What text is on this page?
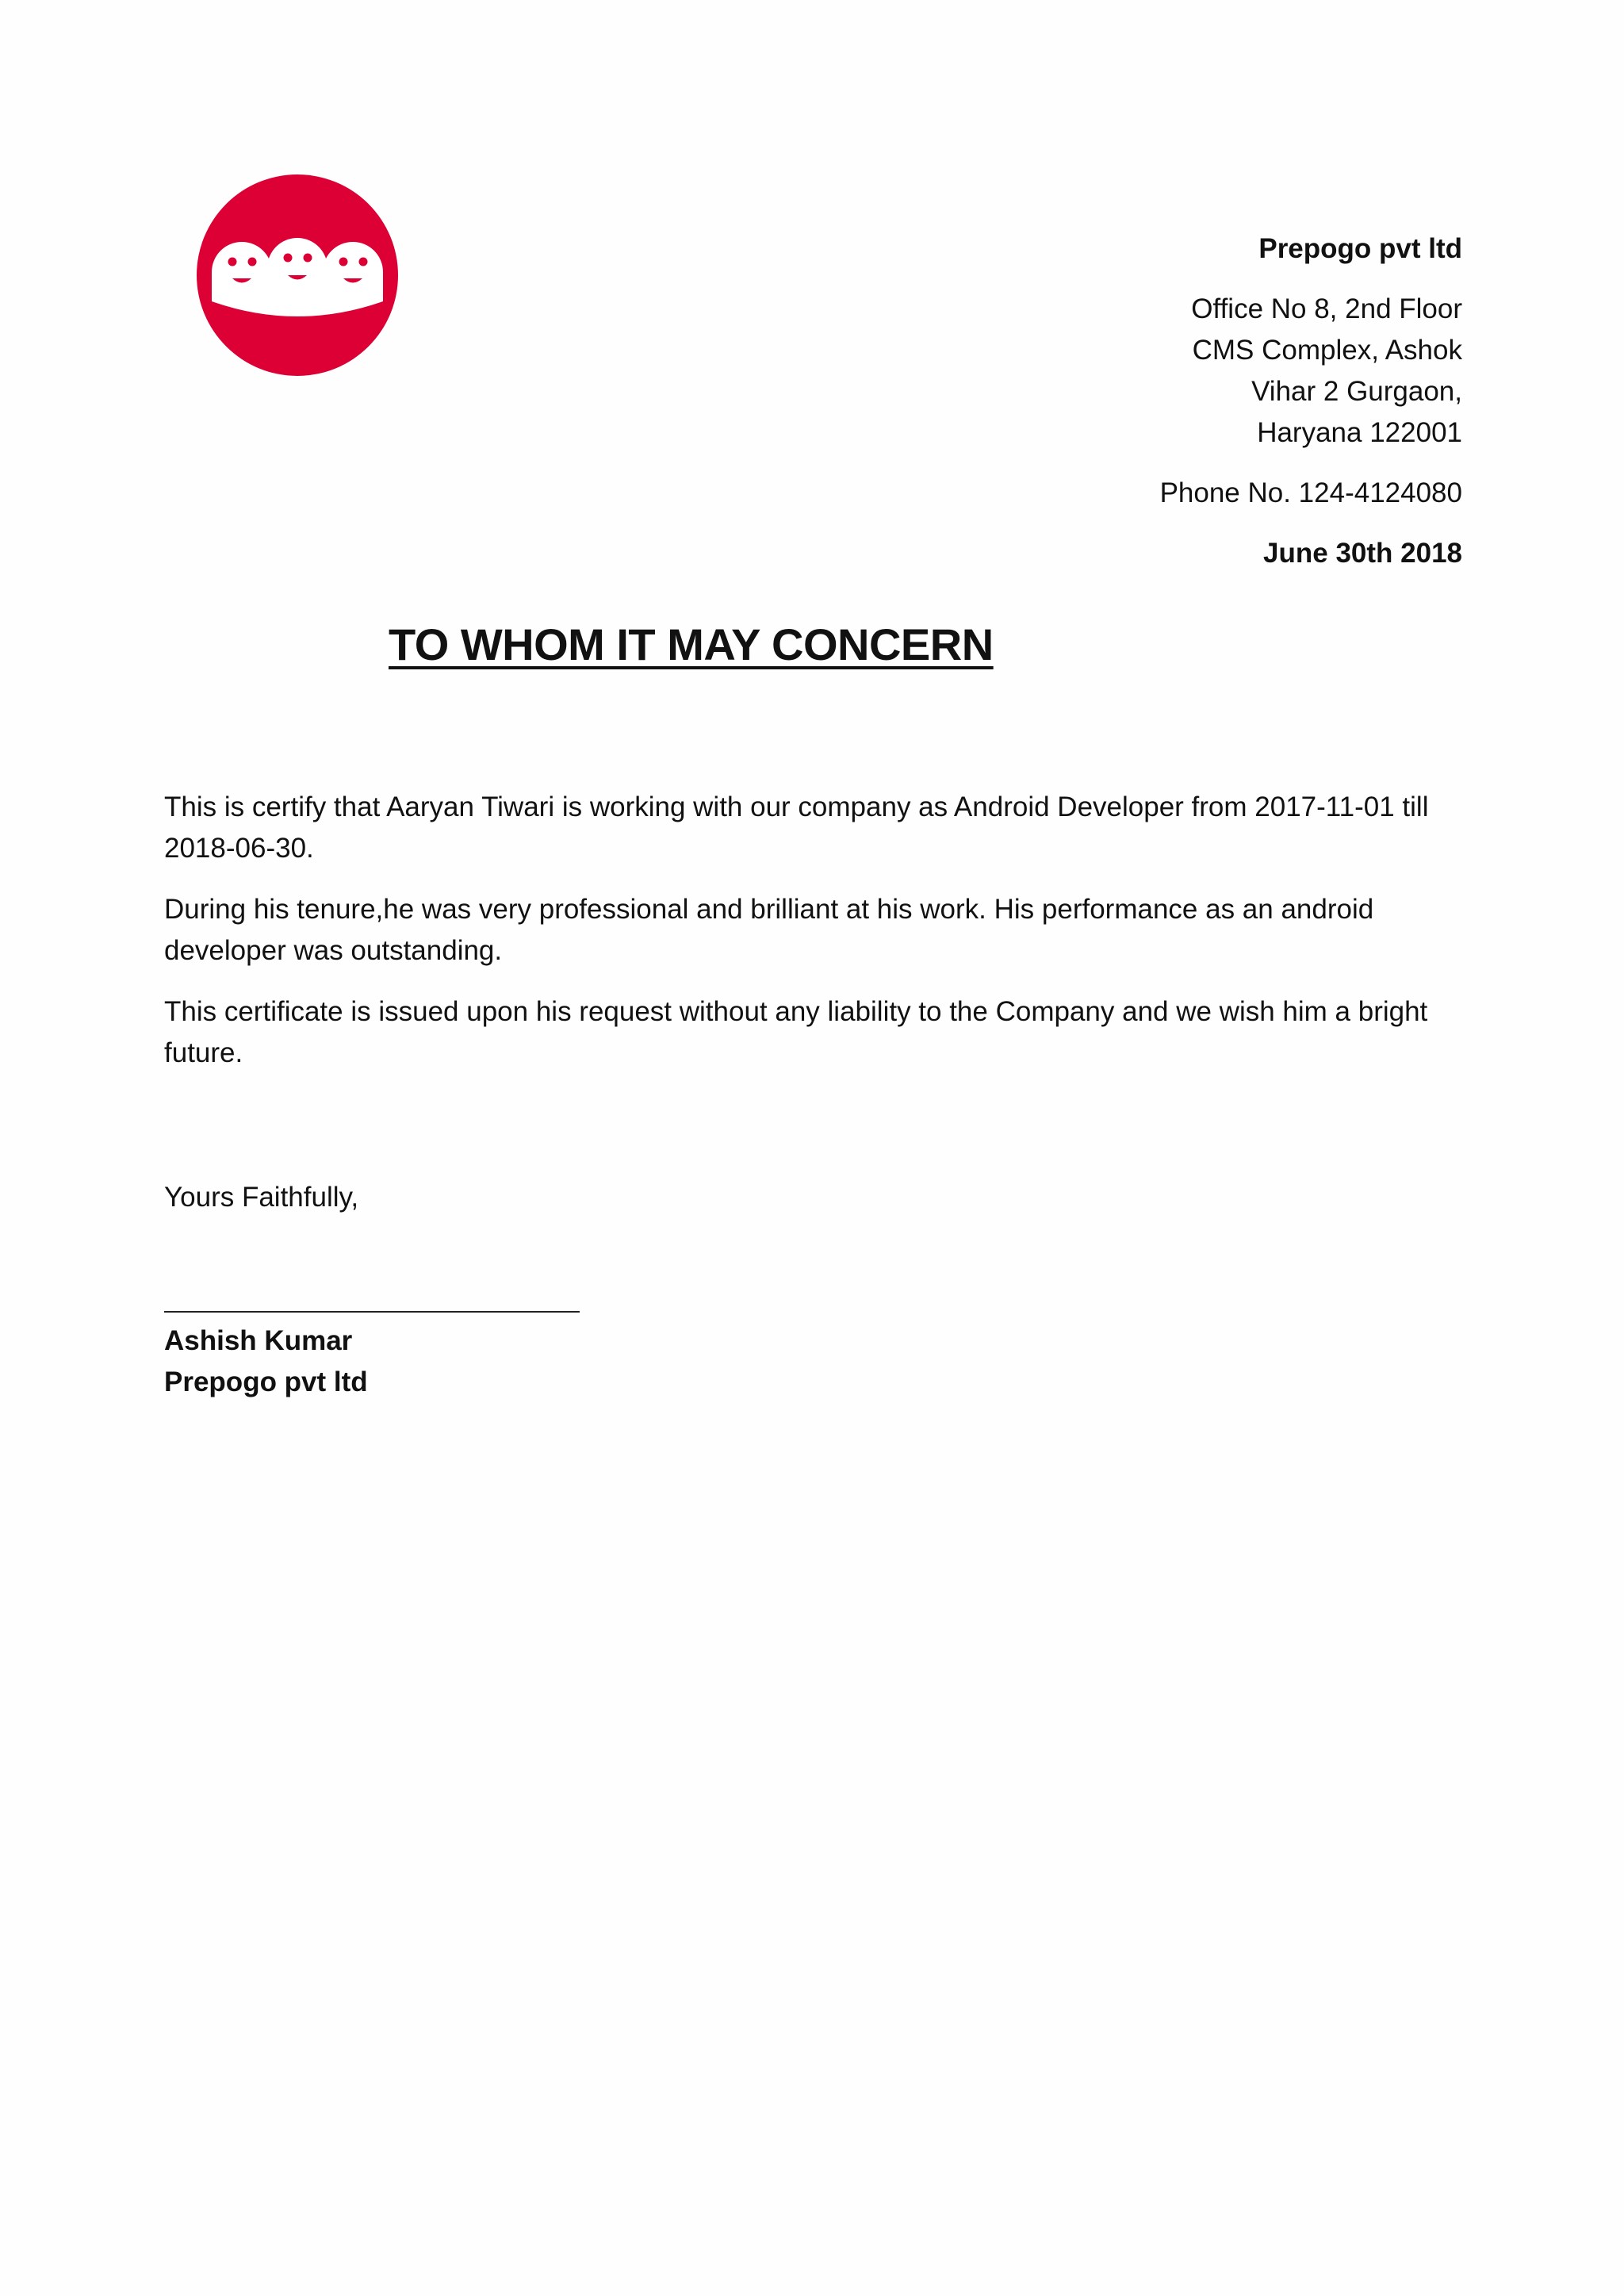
Prepogo pvt ltd
Office No 8, 2nd Floor
CMS Complex, Ashok
Vihar 2 Gurgaon,
Haryana 122001
Phone No. 124-4124080
June 30th 2018
TO WHOM IT MAY CONCERN

This is certify that Aaryan Tiwari is working with our company as Android Developer from 2017-11-01 till 2018-06-30.

During his tenure,he was very professional and brilliant at his work. His performance as an android developer was outstanding.

This certificate is issued upon his request without any liability to the Company and we wish him a bright future.

Yours Faithfully,
Ashish Kumar
Prepogo pvt ltd
